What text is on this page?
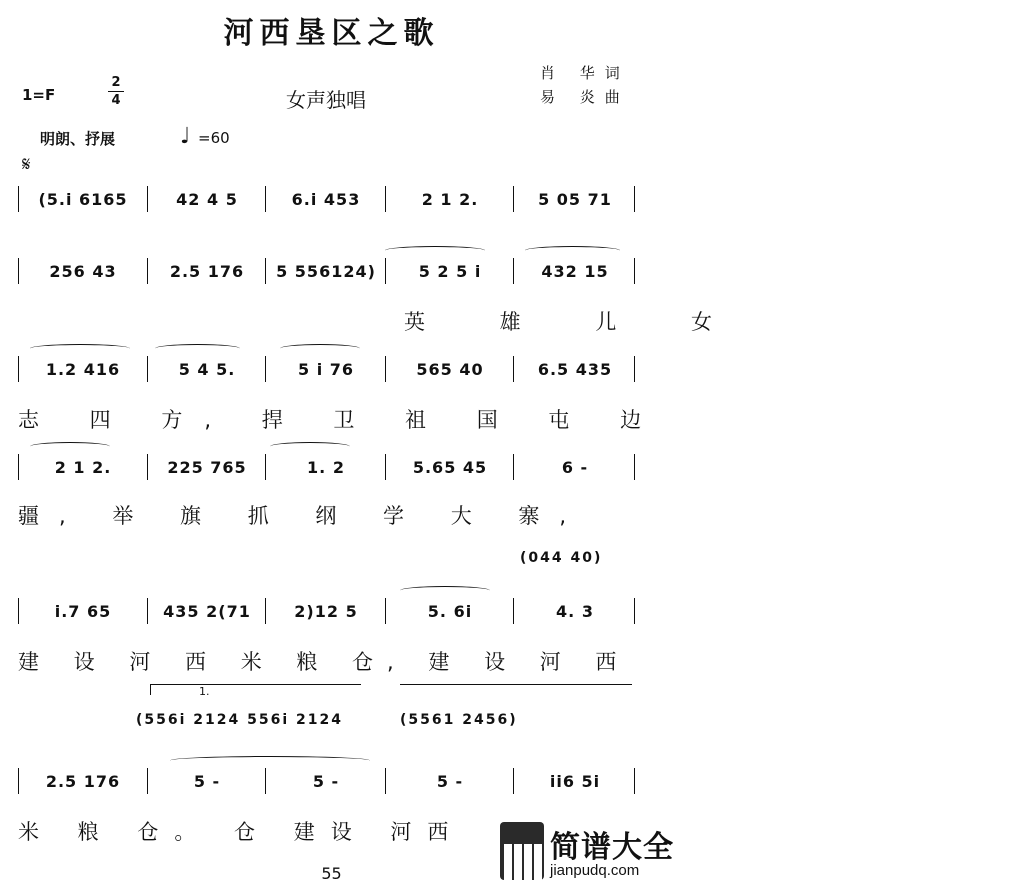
河西垦区之歌
1=F
2
4	女声独唱
肖 华词
易 炎曲
明朗、抒展	♩ =60
𝄋
(5.i 6165	42 4 5	6.i 453	2 1 2.	5 05 71
256 43	2.5 176	5 556124)	5 2 5 i	432 15
英 雄 儿 女
1.2 416	5 4 5.	5 i 76	565 40	6.5 435
志 四 方, 捍 卫 祖 国 屯 边
2 1 2.	225 765	1. 2	5.65 45	6 -
疆, 举 旗 抓 纲 学 大 寨,
(044 40)
i.7 65	435 2(71	2)12 5	5. 6i	4. 3
建 设 河 西 米 粮 仓, 建 设 河 西
1.
(556i 2124 556i 2124	(5561 2456)
2.5 176	5 -	5 -	5 -	ii6 5i
米 粮 仓。 仓 建设 河西
55
简谱大全
jianpudq.com
